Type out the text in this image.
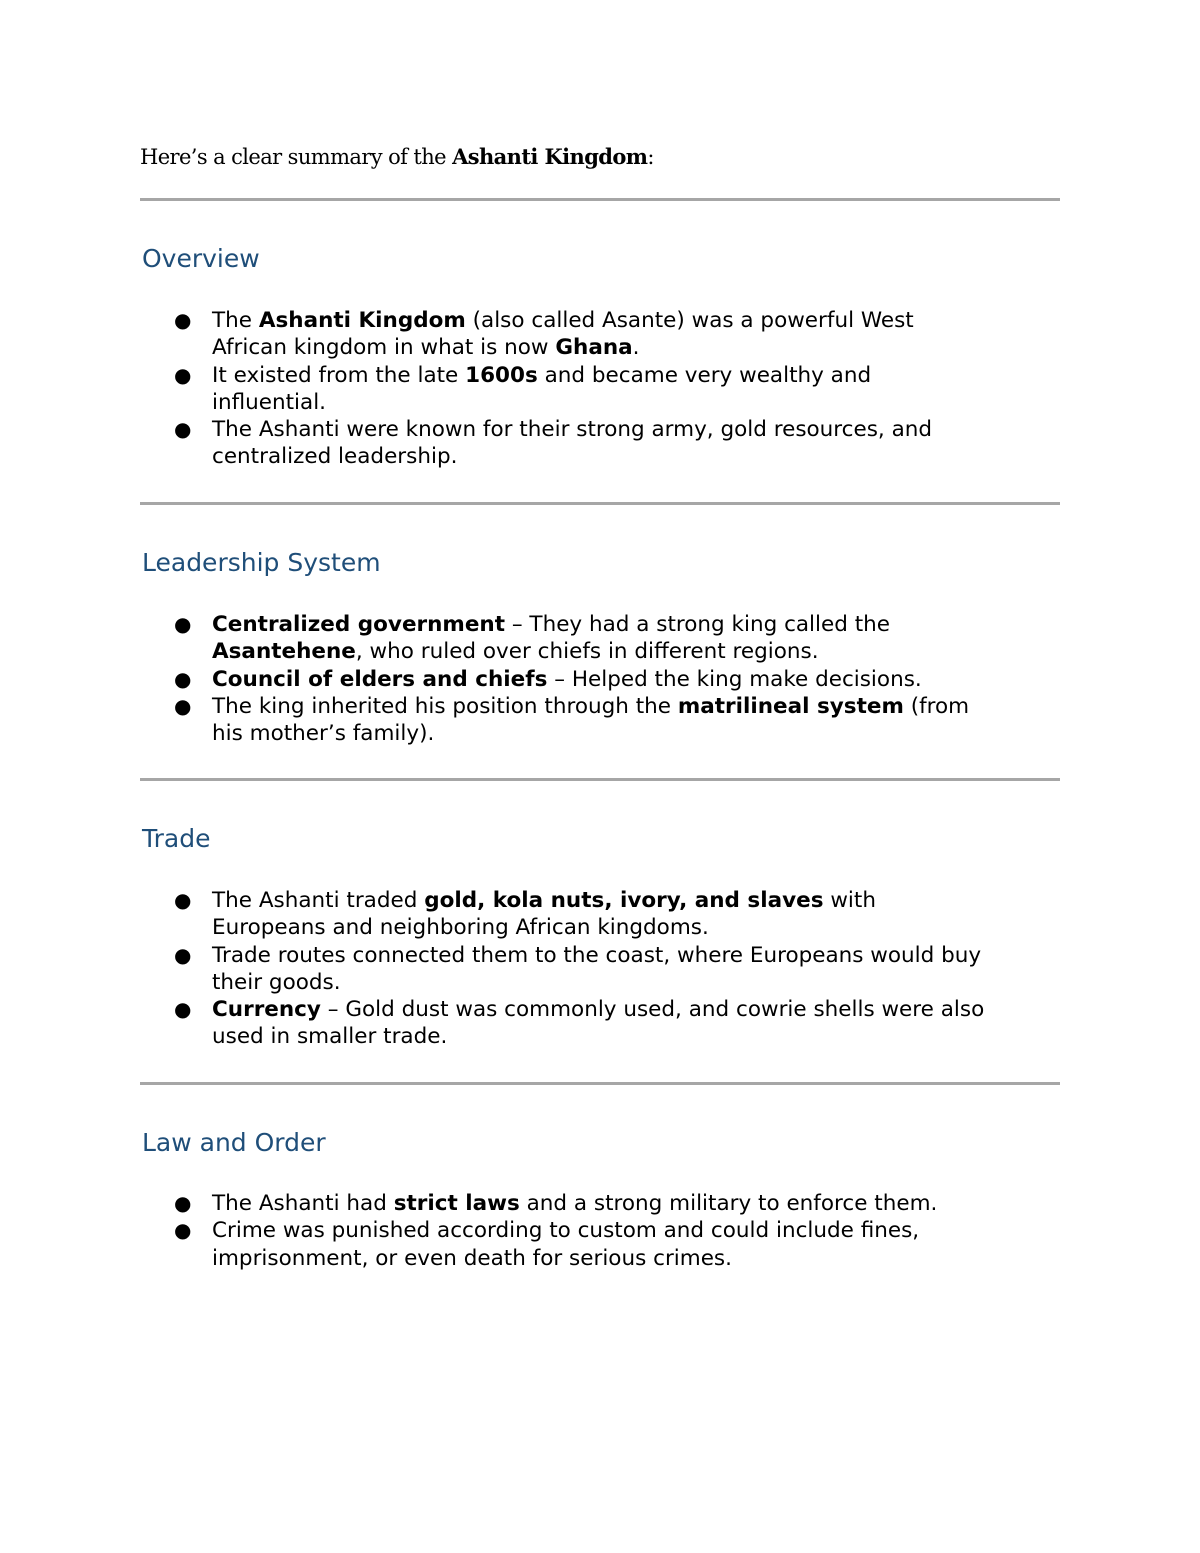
Here’s a clear summary of the Ashanti Kingdom:
Overview
● The Ashanti Kingdom (also called Asante) was a powerful West
African kingdom in what is now Ghana.
● It existed from the late 1600s and became very wealthy and
influential.
● The Ashanti were known for their strong army, gold resources, and
centralized leadership.
Leadership System
● Centralized government – They had a strong king called the
Asantehene, who ruled over chiefs in different regions.
● Council of elders and chiefs – Helped the king make decisions.
● The king inherited his position through the matrilineal system (from
his mother’s family).
Trade
● The Ashanti traded gold, kola nuts, ivory, and slaves with
Europeans and neighboring African kingdoms.
● Trade routes connected them to the coast, where Europeans would buy
their goods.
● Currency – Gold dust was commonly used, and cowrie shells were also
used in smaller trade.
Law and Order
● The Ashanti had strict laws and a strong military to enforce them.
● Crime was punished according to custom and could include fines,
imprisonment, or even death for serious crimes.
